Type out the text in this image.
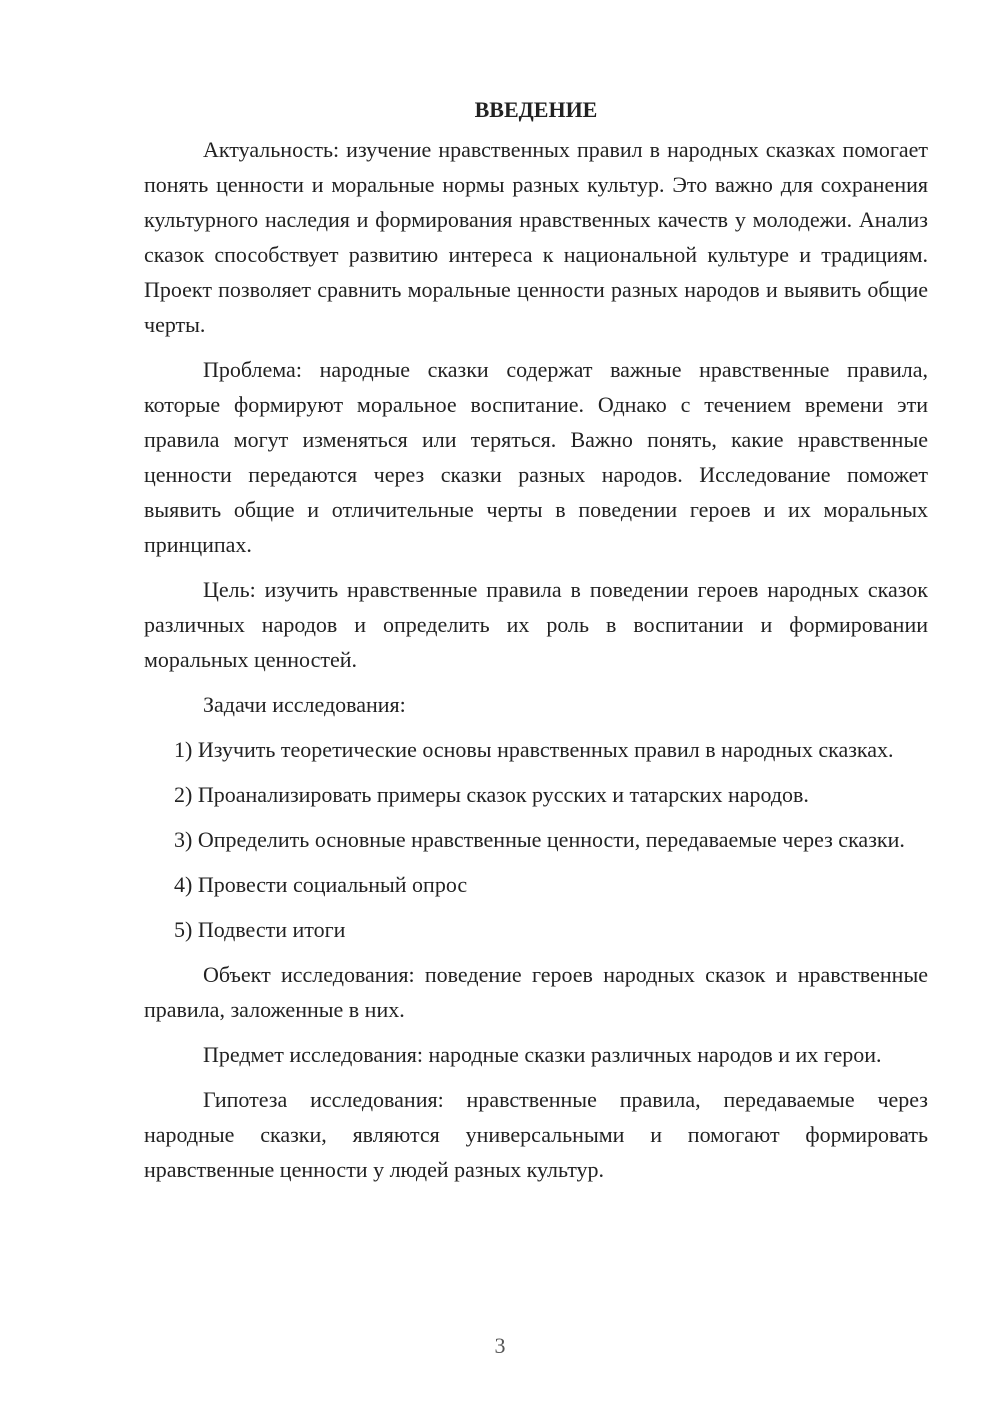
ВВЕДЕНИЕ

Актуальность: изучение нравственных правил в народных сказках помогает понять ценности и моральные нормы разных культур. Это важно для сохранения культурного наследия и формирования нравственных качеств у молодежи. Анализ сказок способствует развитию интереса к национальной культуре и традициям. Проект позволяет сравнить моральные ценности разных народов и выявить общие черты.

Проблема: народные сказки содержат важные нравственные правила, которые формируют моральное воспитание. Однако с течением времени эти правила могут изменяться или теряться. Важно понять, какие нравственные ценности передаются через сказки разных народов. Исследование поможет выявить общие и отличительные черты в поведении героев и их моральных принципах.

Цель: изучить нравственные правила в поведении героев народных сказок различных народов и определить их роль в воспитании и формировании моральных ценностей.

Задачи исследования:

1) Изучить теоретические основы нравственных правил в народных сказках.

2) Проанализировать примеры сказок русских и татарских народов.

3) Определить основные нравственные ценности, передаваемые через сказки.

4) Провести социальный опрос

5) Подвести итоги

Объект исследования: поведение героев народных сказок и нравственные правила, заложенные в них.

Предмет исследования: народные сказки различных народов и их герои.

Гипотеза исследования: нравственные правила, передаваемые через народные сказки, являются универсальными и помогают формировать нравственные ценности у людей разных культур.

3
